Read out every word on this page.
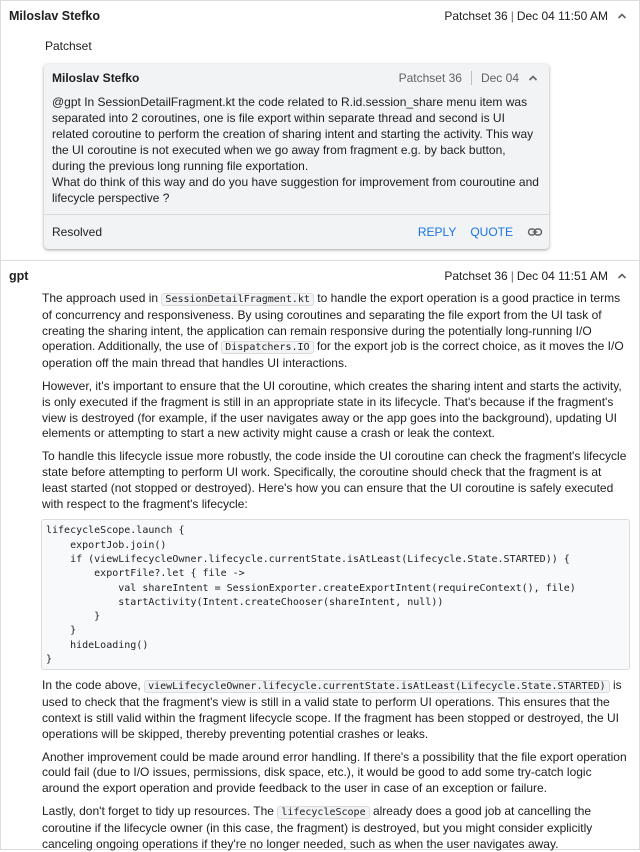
Miloslav Stefko	Patchset 36 | Dec 04 11:50 AM
Patchset
Miloslav Stefko	Patchset 36 Dec 04

@gpt In SessionDetailFragment.kt the code related to R.id.session_share menu item was separated into 2 coroutines, one is file export within separate thread and second is UI related coroutine to perform the creation of sharing intent and starting the activity. This way the UI coroutine is not executed when we go away from fragment e.g. by back button, during the previous long running file exportation.

What do think of this way and do you have suggestion for improvement from couroutine and lifecycle perspective ?

Resolved	REPLY QUOTE
gpt	Patchset 36 | Dec 04 11:51 AM

The approach used in SessionDetailFragment.kt to handle the export operation is a good practice in terms of concurrency and responsiveness. By using coroutines and separating the file export from the UI task of creating the sharing intent, the application can remain responsive during the potentially long-running I/O operation. Additionally, the use of Dispatchers.IO for the export job is the correct choice, as it moves the I/O operation off the main thread that handles UI interactions.

However, it's important to ensure that the UI coroutine, which creates the sharing intent and starts the activity, is only executed if the fragment is still in an appropriate state in its lifecycle. That's because if the fragment's view is destroyed (for example, if the user navigates away or the app goes into the background), updating UI elements or attempting to start a new activity might cause a crash or leak the context.

To handle this lifecycle issue more robustly, the code inside the UI coroutine can check the fragment's lifecycle state before attempting to perform UI work. Specifically, the coroutine should check that the fragment is at least started (not stopped or destroyed). Here's how you can ensure that the UI coroutine is safely executed with respect to the fragment's lifecycle:

lifecycleScope.launch {
exportJob.join()
if (viewLifecycleOwner.lifecycle.currentState.isAtLeast(Lifecycle.State.STARTED)) {
exportFile?.let { file ->
val shareIntent = SessionExporter.createExportIntent(requireContext(), file)
startActivity(Intent.createChooser(shareIntent, null))
}
}
hideLoading()
}

In the code above, viewLifecycleOwner.lifecycle.currentState.isAtLeast(Lifecycle.State.STARTED) is used to check that the fragment's view is still in a valid state to perform UI operations. This ensures that the context is still valid within the fragment lifecycle scope. If the fragment has been stopped or destroyed, the UI operations will be skipped, thereby preventing potential crashes or leaks.

Another improvement could be made around error handling. If there's a possibility that the file export operation could fail (due to I/O issues, permissions, disk space, etc.), it would be good to add some try-catch logic around the export operation and provide feedback to the user in case of an exception or failure.

Lastly, don't forget to tidy up resources. The lifecycleScope already does a good job at cancelling the coroutine if the lifecycle owner (in this case, the fragment) is destroyed, but you might consider explicitly canceling ongoing operations if they're no longer needed, such as when the user navigates away.
